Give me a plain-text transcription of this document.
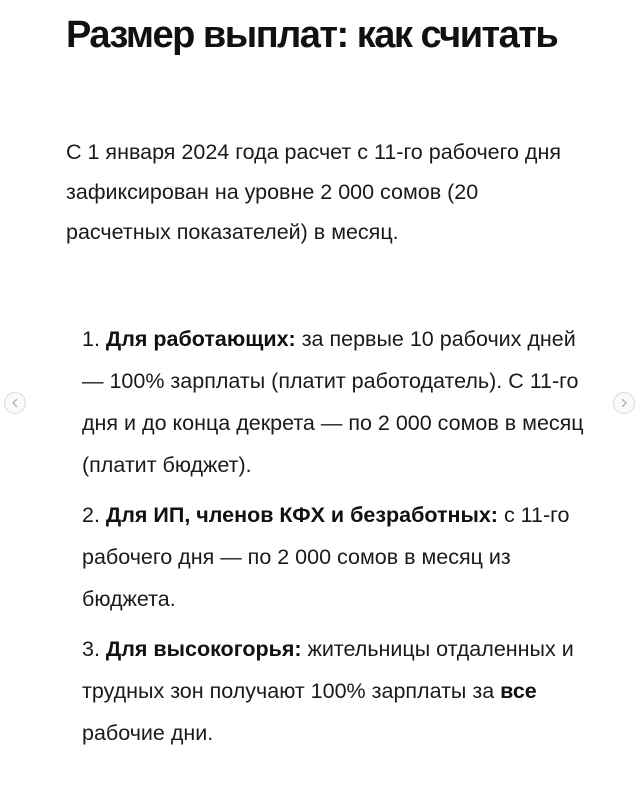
Размер выплат: как считать

С 1 января 2024 года расчет с 11-го рабочего дня зафиксирован на уровне 2 000 сомов (20 расчетных показателей) в месяц.

1. Для работающих: за первые 10 рабочих дней — 100% зарплаты (платит работодатель). С 11-го дня и до конца декрета — по 2 000 сомов в месяц (платит бюджет).
2. Для ИП, членов КФХ и безработных: с 11-го рабочего дня — по 2 000 сомов в месяц из бюджета.
3. Для высокогорья: жительницы отдаленных и трудных зон получают 100% зарплаты за все рабочие дни.
